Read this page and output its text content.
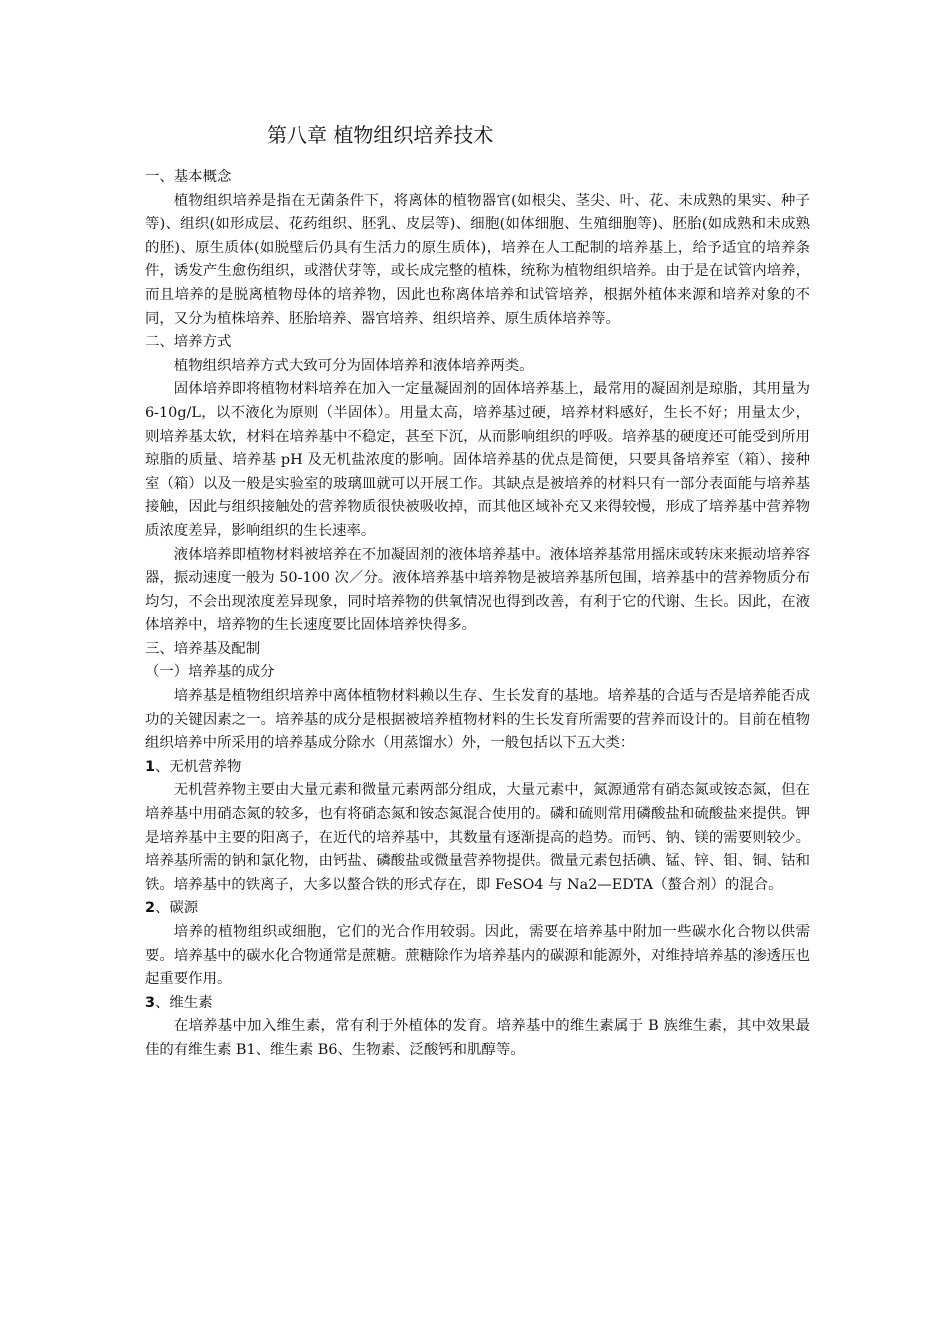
第八章 植物组织培养技术

一、基本概念

植物组织培养是指在无菌条件下，将离体的植物器官(如根尖、茎尖、叶、花、未成熟的果实、种子等)、组织(如形成层、花药组织、胚乳、皮层等)、细胞(如体细胞、生殖细胞等)、胚胎(如成熟和未成熟的胚)、原生质体(如脱壁后仍具有生活力的原生质体)，培养在人工配制的培养基上，给予适宜的培养条件，诱发产生愈伤组织，或潜伏芽等，或长成完整的植株，统称为植物组织培养。由于是在试管内培养，而且培养的是脱离植物母体的培养物，因此也称离体培养和试管培养，根据外植体来源和培养对象的不同，又分为植株培养、胚胎培养、器官培养、组织培养、原生质体培养等。

二、培养方式

植物组织培养方式大致可分为固体培养和液体培养两类。

固体培养即将植物材料培养在加入一定量凝固剂的固体培养基上，最常用的凝固剂是琼脂，其用量为 6-10g/L，以不液化为原则（半固体）。用量太高，培养基过硬，培养材料感好，生长不好；用量太少，则培养基太软，材料在培养基中不稳定，甚至下沉，从而影响组织的呼吸。培养基的硬度还可能受到所用琼脂的质量、培养基 pH 及无机盐浓度的影响。固体培养基的优点是简便，只要具备培养室（箱）、接种室（箱）以及一般是实验室的玻璃皿就可以开展工作。其缺点是被培养的材料只有一部分表面能与培养基接触，因此与组织接触处的营养物质很快被吸收掉，而其他区域补充又来得较慢，形成了培养基中营养物质浓度差异，影响组织的生长速率。

液体培养即植物材料被培养在不加凝固剂的液体培养基中。液体培养基常用摇床或转床来振动培养容器，振动速度一般为 50-100 次／分。液体培养基中培养物是被培养基所包围，培养基中的营养物质分布均匀，不会出现浓度差异现象，同时培养物的供氧情况也得到改善，有利于它的代谢、生长。因此，在液体培养中，培养物的生长速度要比固体培养快得多。

三、培养基及配制

（一）培养基的成分

培养基是植物组织培养中离体植物材料赖以生存、生长发育的基地。培养基的合适与否是培养能否成功的关键因素之一。培养基的成分是根据被培养植物材料的生长发育所需要的营养而设计的。目前在植物组织培养中所采用的培养基成分除水（用蒸馏水）外，一般包括以下五大类：

1、无机营养物

无机营养物主要由大量元素和微量元素两部分组成，大量元素中，氮源通常有硝态氮或铵态氮，但在培养基中用硝态氮的较多，也有将硝态氮和铵态氮混合使用的。磷和硫则常用磷酸盐和硫酸盐来提供。钾是培养基中主要的阳离子，在近代的培养基中，其数量有逐渐提高的趋势。而钙、钠、镁的需要则较少。培养基所需的钠和氯化物，由钙盐、磷酸盐或微量营养物提供。微量元素包括碘、锰、锌、钼、铜、钴和铁。培养基中的铁离子，大多以螯合铁的形式存在，即 FeSO4 与 Na2—EDTA（螯合剂）的混合。

2、碳源

培养的植物组织或细胞，它们的光合作用较弱。因此，需要在培养基中附加一些碳水化合物以供需要。培养基中的碳水化合物通常是蔗糖。蔗糖除作为培养基内的碳源和能源外，对维持培养基的渗透压也起重要作用。

3、维生素

在培养基中加入维生素，常有利于外植体的发育。培养基中的维生素属于 B 族维生素，其中效果最佳的有维生素 B1、维生素 B6、生物素、泛酸钙和肌醇等。
